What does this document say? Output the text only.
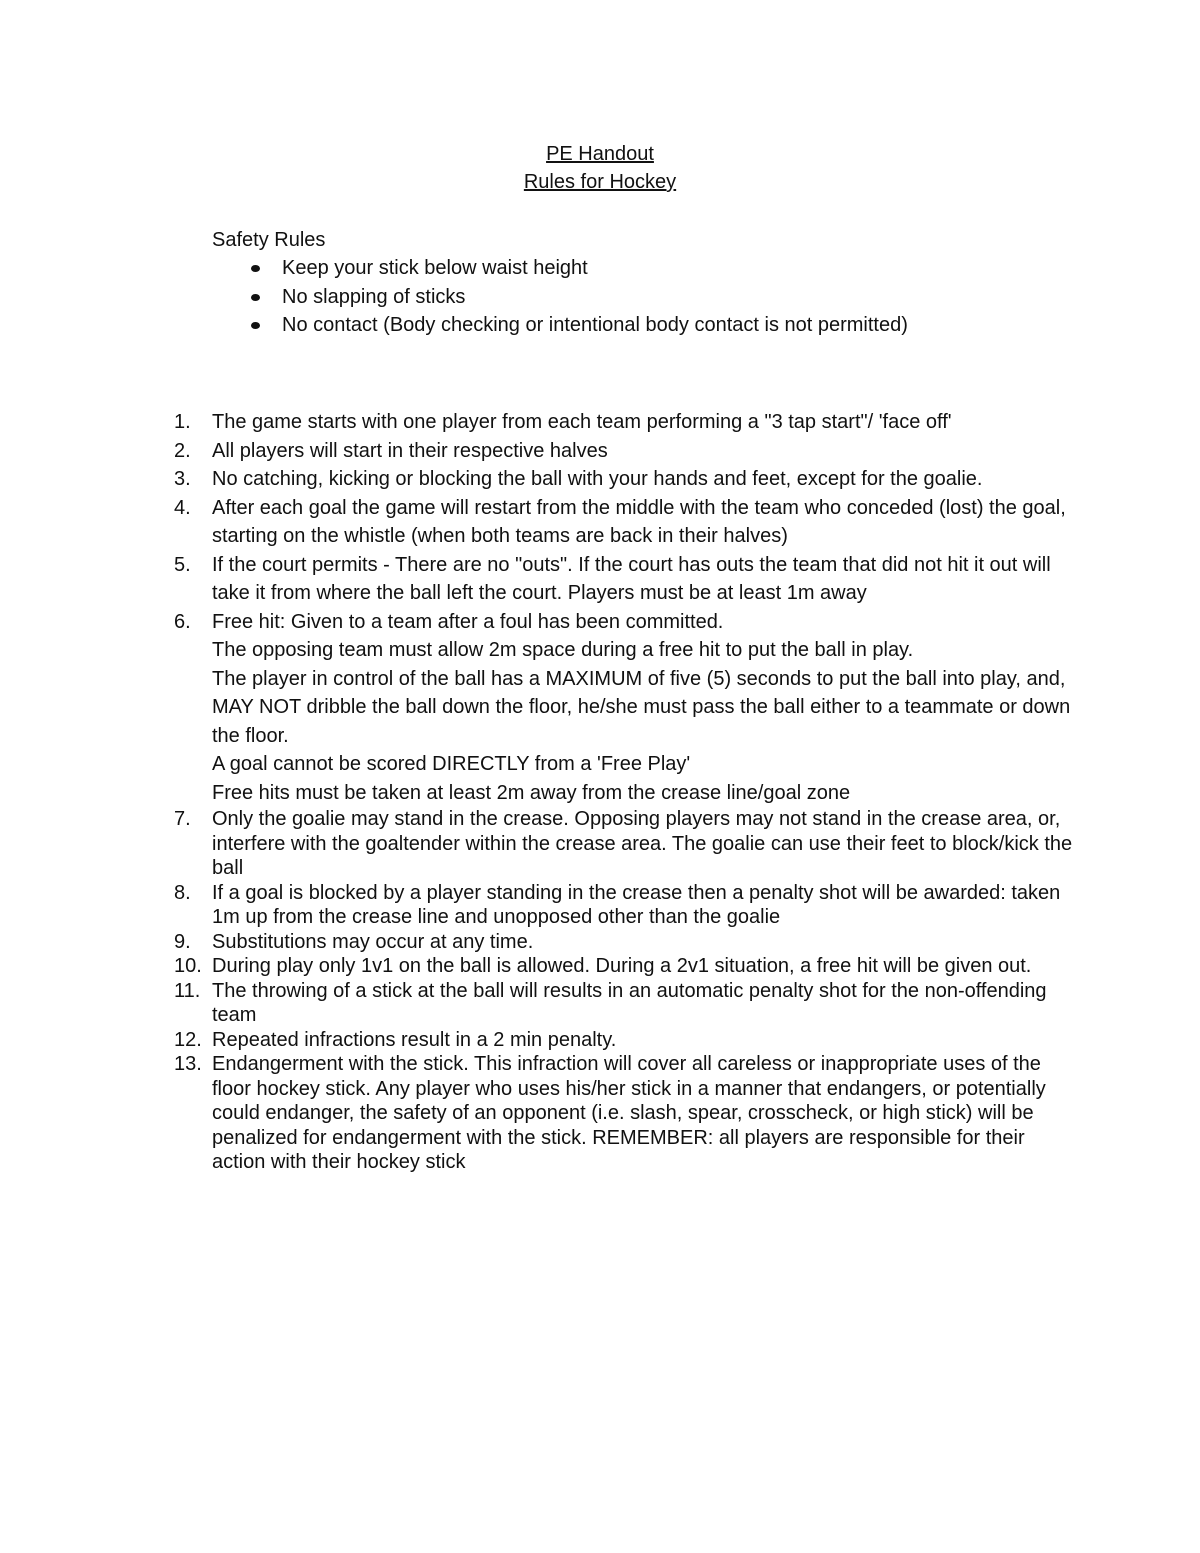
PE Handout
Rules for Hockey
Safety Rules
Keep your stick below waist height
No slapping of sticks
No contact (Body checking or intentional body contact is not permitted)
1. The game starts with one player from each team performing a "3 tap start"/ 'face off'

2. All players will start in their respective halves

3. No catching, kicking or blocking the ball with your hands and feet, except for the goalie.

4. After each goal the game will restart from the middle with the team who conceded (lost) the goal, starting on the whistle (when both teams are back in their halves)

5. If the court permits - There are no "outs". If the court has outs the team that did not hit it out will take it from where the ball left the court. Players must be at least 1m away

6. Free hit: Given to a team after a foul has been committed.

The opposing team must allow 2m space during a free hit to put the ball in play.

The player in control of the ball has a MAXIMUM of five (5) seconds to put the ball into play, and, MAY NOT dribble the ball down the floor, he/she must pass the ball either to a teammate or down the floor.

A goal cannot be scored DIRECTLY from a 'Free Play'

Free hits must be taken at least 2m away from the crease line/goal zone

7. Only the goalie may stand in the crease. Opposing players may not stand in the crease area, or, interfere with the goaltender within the crease area. The goalie can use their feet to block/kick the ball

8. If a goal is blocked by a player standing in the crease then a penalty shot will be awarded: taken 1m up from the crease line and unopposed other than the goalie

9. Substitutions may occur at any time.

10. During play only 1v1 on the ball is allowed. During a 2v1 situation, a free hit will be given out.

11. The throwing of a stick at the ball will results in an automatic penalty shot for the non-offending team

12. Repeated infractions result in a 2 min penalty.

13. Endangerment with the stick. This infraction will cover all careless or inappropriate uses of the floor hockey stick. Any player who uses his/her stick in a manner that endangers, or potentially could endanger, the safety of an opponent (i.e. slash, spear, crosscheck, or high stick) will be penalized for endangerment with the stick. REMEMBER: all players are responsible for their action with their hockey stick
